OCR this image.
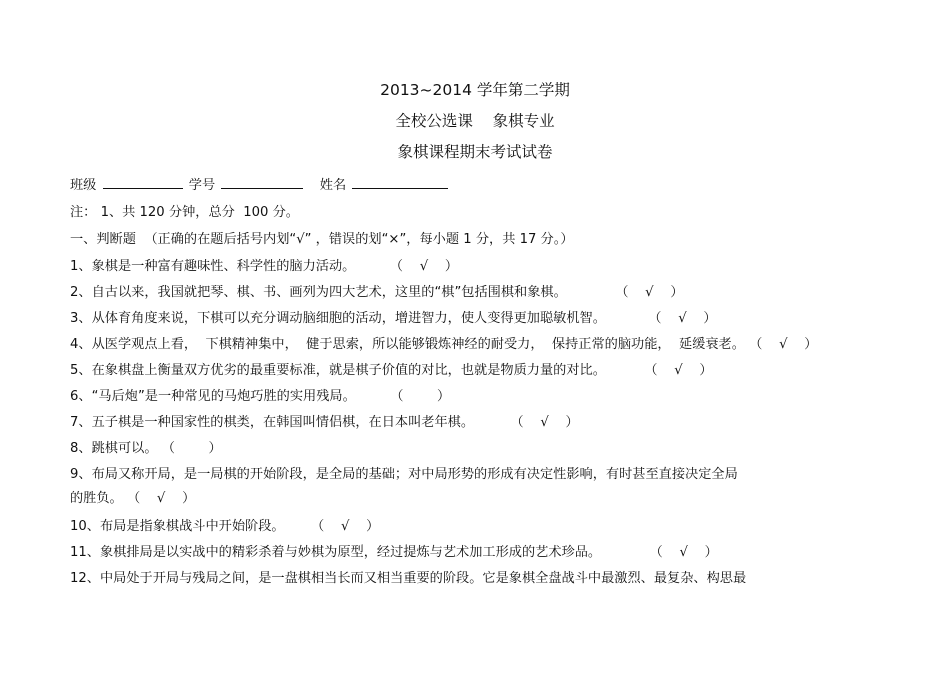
2013~2014 学年第二学期
全校公选课    象棋专业
象棋课程期末考试试卷
班级	学号	姓名
注： 1、共 120 分钟，总分  100 分。
一、判断题  （正确的在题后括号内划“√” ，错误的划“×”，每小题 1 分，共 17 分。）
1、象棋是一种富有趣味性、科学性的脑力活动。	（    √    ）
2、自古以来，我国就把琴、棋、书、画列为四大艺术，这里的“棋”包括围棋和象棋。	（    √    ）
3、从体育角度来说，下棋可以充分调动脑细胞的活动，增进智力，使人变得更加聪敏机智。	（    √    ）
4、从医学观点上看，  下棋精神集中，  健于思索，所以能够锻炼神经的耐受力，  保持正常的脑功能，  延缓衰老。 （    √    ）
5、在象棋盘上衡量双方优劣的最重要标准，就是棋子价值的对比，也就是物质力量的对比。	（    √    ）
6、“马后炮”是一种常见的马炮巧胜的实用残局。	（        ）
7、五子棋是一种国家性的棋类，在韩国叫情侣棋，在日本叫老年棋。	（    √    ）
8、跳棋可以。 （        ）
9、布局又称开局，是一局棋的开始阶段，是全局的基础；对中局形势的形成有决定性影响，有时甚至直接决定全局
的胜负。 （    √    ）
10、布局是指象棋战斗中开始阶段。 （    √    ）
11、象棋排局是以实战中的精彩杀着与妙棋为原型，经过提炼与艺术加工形成的艺术珍品。	（    √    ）
12、中局处于开局与残局之间，是一盘棋相当长而又相当重要的阶段。它是象棋全盘战斗中最激烈、最复杂、构思最
